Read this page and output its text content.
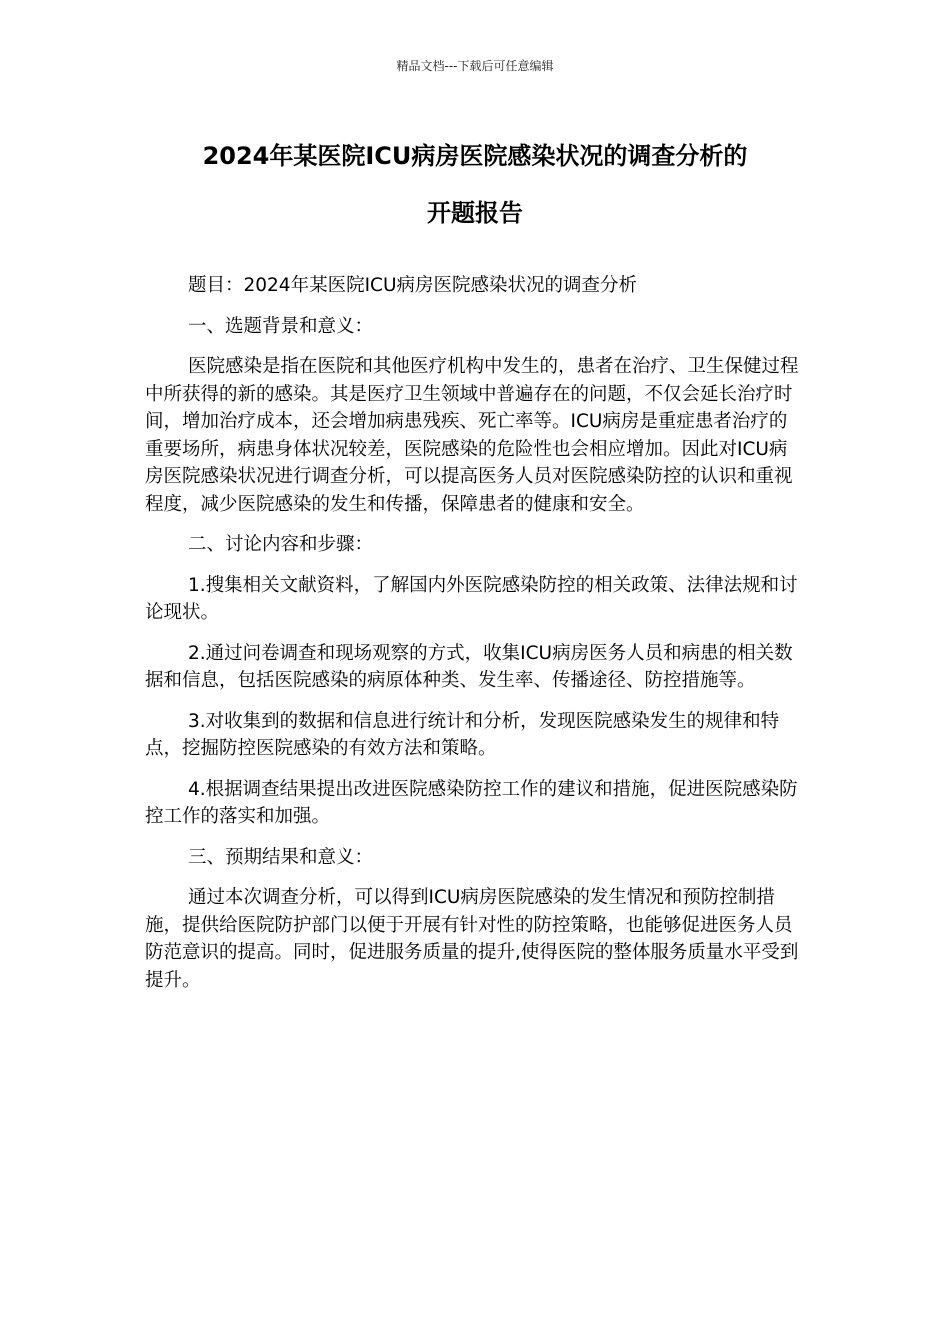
精品文档---下载后可任意编辑
2024年某医院ICU病房医院感染状况的调查分析的
开题报告

题目：2024年某医院ICU病房医院感染状况的调查分析

一、选题背景和意义：

医院感染是指在医院和其他医疗机构中发生的，患者在治疗、卫生保健过程中所获得的新的感染。其是医疗卫生领域中普遍存在的问题，不仅会延长治疗时间，增加治疗成本，还会增加病患残疾、死亡率等。ICU病房是重症患者治疗的重要场所，病患身体状况较差，医院感染的危险性也会相应增加。因此对ICU病房医院感染状况进行调查分析，可以提高医务人员对医院感染防控的认识和重视程度，减少医院感染的发生和传播，保障患者的健康和安全。

二、讨论内容和步骤：

1.搜集相关文献资料，了解国内外医院感染防控的相关政策、法律法规和讨论现状。

2.通过问卷调查和现场观察的方式，收集ICU病房医务人员和病患的相关数据和信息，包括医院感染的病原体种类、发生率、传播途径、防控措施等。

3.对收集到的数据和信息进行统计和分析，发现医院感染发生的规律和特点，挖掘防控医院感染的有效方法和策略。

4.根据调查结果提出改进医院感染防控工作的建议和措施，促进医院感染防控工作的落实和加强。

三、预期结果和意义：

通过本次调查分析，可以得到ICU病房医院感染的发生情况和预防控制措施，提供给医院防护部门以便于开展有针对性的防控策略，也能够促进医务人员防范意识的提高。同时，促进服务质量的提升,使得医院的整体服务质量水平受到提升。
